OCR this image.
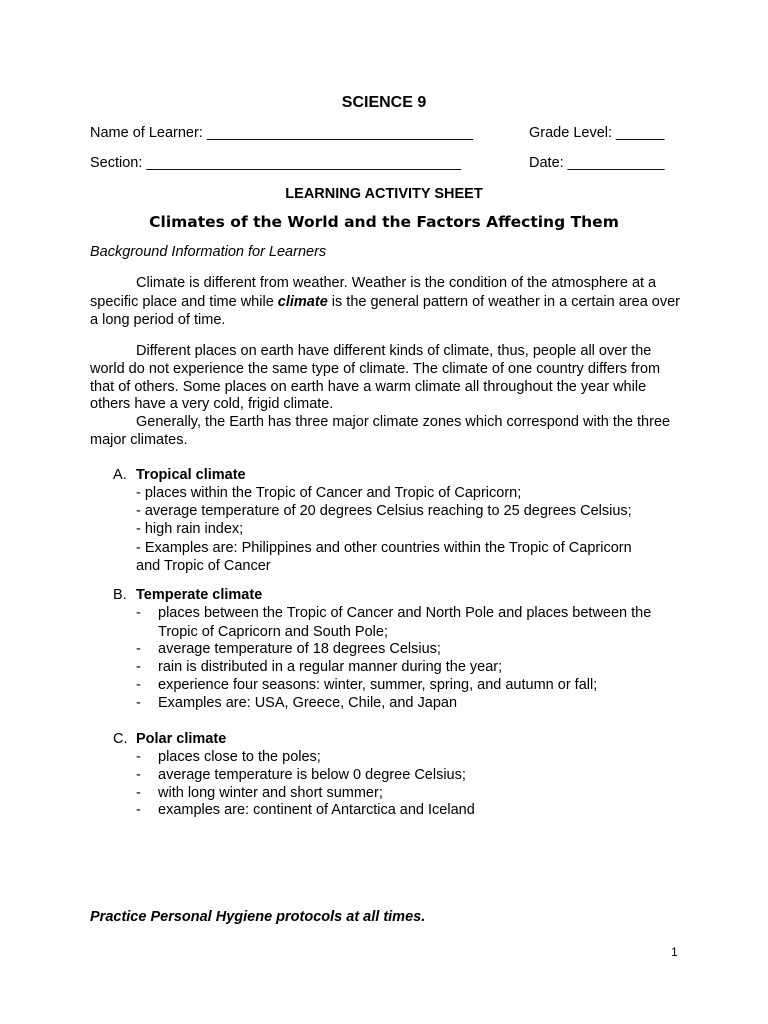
SCIENCE 9
Name of Learner: _________________________________	Grade Level: ______
Section: _______________________________________	Date: ____________
LEARNING ACTIVITY SHEET
Climates of the World and the Factors Affecting Them
Background Information for Learners
Climate is different from weather. Weather is the condition of the atmosphere at a specific place and time while climate is the general pattern of weather in a certain area over a long period of time.
Different places on earth have different kinds of climate, thus, people all over the world do not experience the same type of climate. The climate of one country differs from that of others. Some places on earth have a warm climate all throughout the year while others have a very cold, frigid climate.
Generally, the Earth has three major climate zones which correspond with the three major climates.
A. Tropical climate
- places within the Tropic of Cancer and Tropic of Capricorn;
- average temperature of 20 degrees Celsius reaching to 25 degrees Celsius;
- high rain index;
- Examples are: Philippines and other countries within the Tropic of Capricorn
and Tropic of Cancer
B. Temperate climate
- places between the Tropic of Cancer and North Pole and places between the
Tropic of Capricorn and South Pole;
- average temperature of 18 degrees Celsius;
- rain is distributed in a regular manner during the year;
- experience four seasons: winter, summer, spring, and autumn or fall;
- Examples are: USA, Greece, Chile, and Japan
C. Polar climate
- places close to the poles;
- average temperature is below 0 degree Celsius;
- with long winter and short summer;
- examples are: continent of Antarctica and Iceland
Practice Personal Hygiene protocols at all times.
1
